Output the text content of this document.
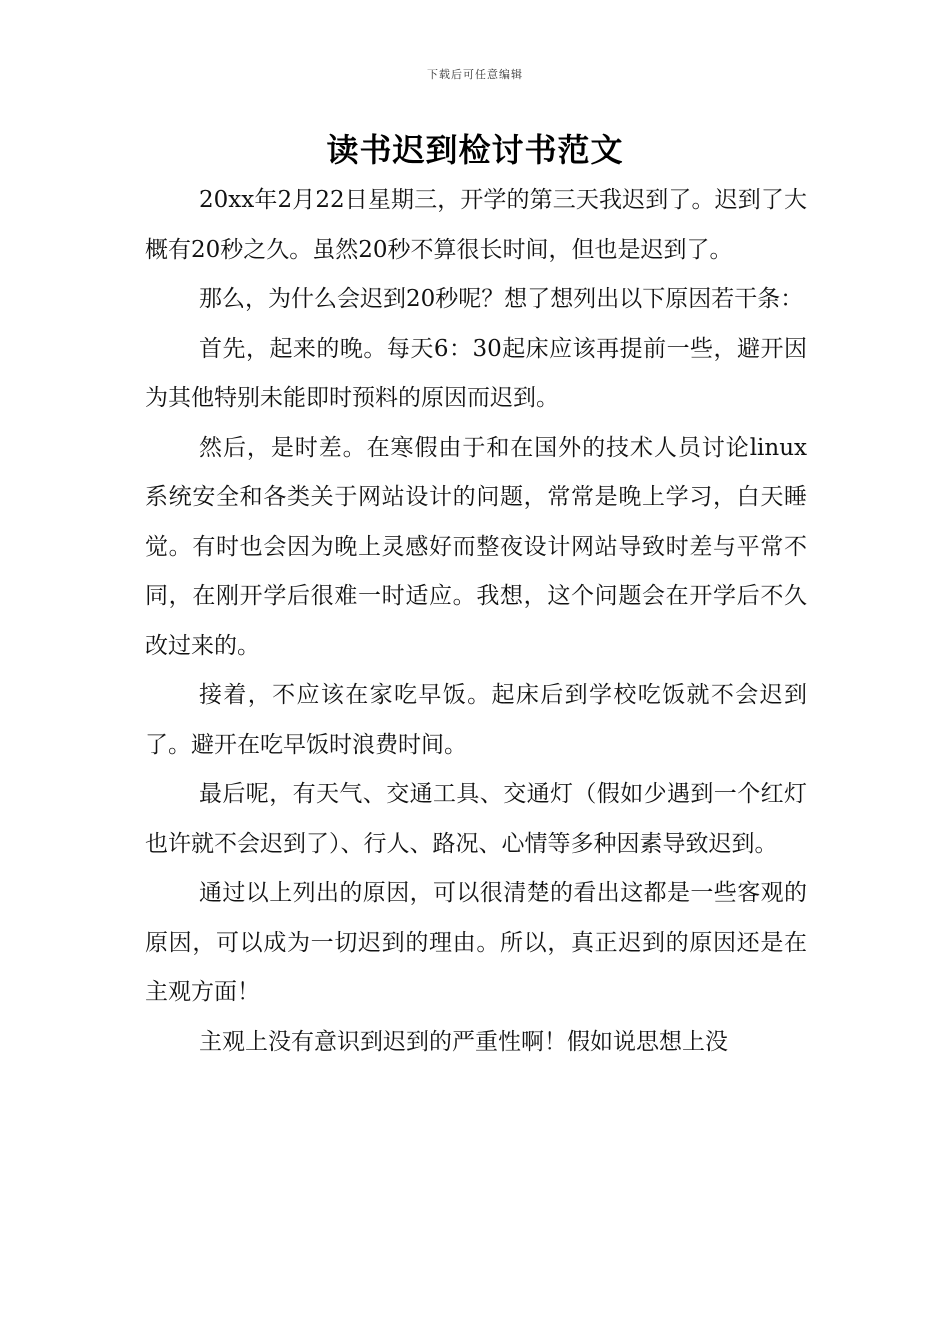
下载后可任意编辑
读书迟到检讨书范文

20xx年2月22日星期三，开学的第三天我迟到了。迟到了大概有20秒之久。虽然20秒不算很长时间，但也是迟到了。

那么，为什么会迟到20秒呢？想了想列出以下原因若干条：

首先，起来的晚。每天6：30起床应该再提前一些，避开因为其他特别未能即时预料的原因而迟到。

然后，是时差。在寒假由于和在国外的技术人员讨论linux系统安全和各类关于网站设计的问题，常常是晚上学习，白天睡觉。有时也会因为晚上灵感好而整夜设计网站导致时差与平常不同，在刚开学后很难一时适应。我想，这个问题会在开学后不久改过来的。

接着，不应该在家吃早饭。起床后到学校吃饭就不会迟到了。避开在吃早饭时浪费时间。

最后呢，有天气、交通工具、交通灯（假如少遇到一个红灯也许就不会迟到了）、行人、路况、心情等多种因素导致迟到。

通过以上列出的原因，可以很清楚的看出这都是一些客观的原因，可以成为一切迟到的理由。所以，真正迟到的原因还是在主观方面！

主观上没有意识到迟到的严重性啊！假如说思想上没
